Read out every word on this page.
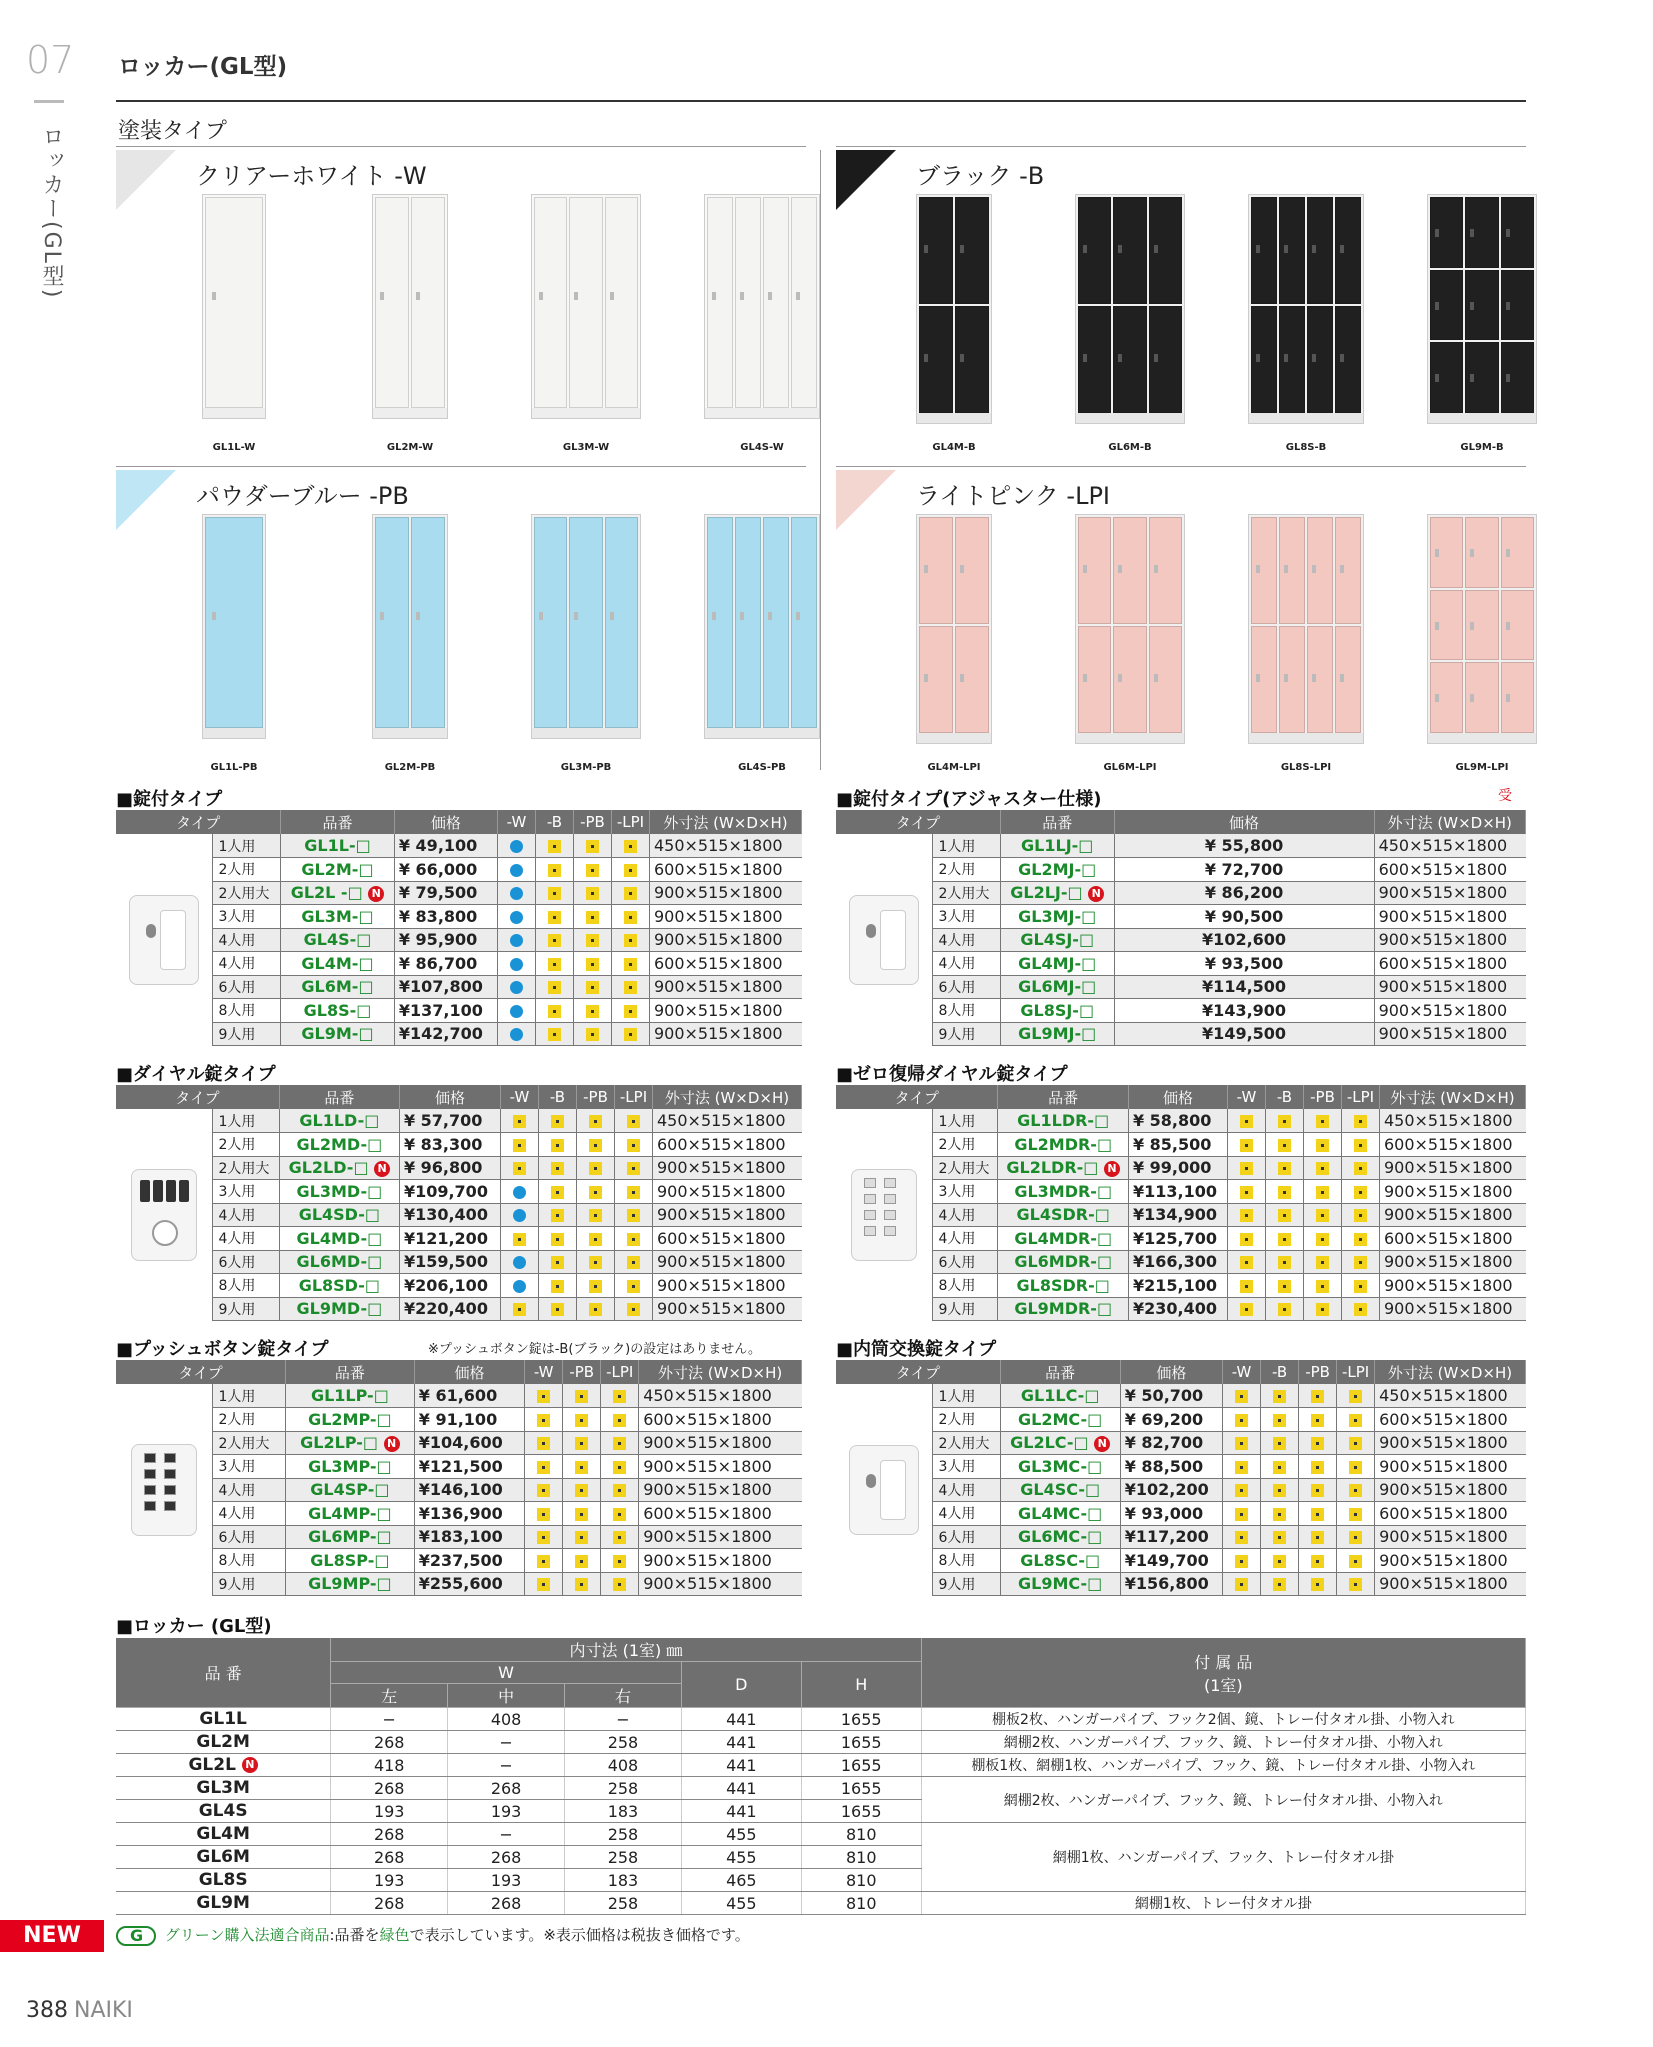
07
ロッカー(GL型)
ロッカー(GL型)
塗装タイプ
クリアーホワイト -W
GL1L-W	GL2M-W	GL3M-W	GL4S-W
ブラック -B
GL4M-B	GL6M-B	GL8S-B	GL9M-B
パウダーブルー -PB
GL1L-PB	GL2M-PB	GL3M-PB	GL4S-PB
ライトピンク -LPI
GL4M-LPI	GL6M-LPI	GL8S-LPI	GL9M-LPI
■錠付タイプ
タイプ		品番	価格	-W	-B	-PB	-LPI	外寸法 (W×D×H)

	1人用	GL1L-□	¥ 49,100					450×515×1800
	2人用	GL2M-□	¥ 66,000					600×515×1800
	2人用大	GL2L -□ N	¥ 79,500					900×515×1800
	3人用	GL3M-□	¥ 83,800					900×515×1800
	4人用	GL4S-□	¥ 95,900					900×515×1800
	4人用	GL4M-□	¥ 86,700					600×515×1800
	6人用	GL6M-□	¥107,800					900×515×1800
	8人用	GL8S-□	¥137,100					900×515×1800
	9人用	GL9M-□	¥142,700					900×515×1800
■錠付タイプ(アジャスター仕様)	受
タイプ		品番	価格	外寸法 (W×D×H)

	1人用	GL1LJ-□	¥ 55,800	450×515×1800
	2人用	GL2MJ-□	¥ 72,700	600×515×1800
	2人用大	GL2LJ-□ N	¥ 86,200	900×515×1800
	3人用	GL3MJ-□	¥ 90,500	900×515×1800
	4人用	GL4SJ-□	¥102,600	900×515×1800
	4人用	GL4MJ-□	¥ 93,500	600×515×1800
	6人用	GL6MJ-□	¥114,500	900×515×1800
	8人用	GL8SJ-□	¥143,900	900×515×1800
	9人用	GL9MJ-□	¥149,500	900×515×1800
■ダイヤル錠タイプ
タイプ		品番	価格	-W	-B	-PB	-LPI	外寸法 (W×D×H)

	1人用	GL1LD-□	¥ 57,700					450×515×1800
	2人用	GL2MD-□	¥ 83,300					600×515×1800
	2人用大	GL2LD-□ N	¥ 96,800					900×515×1800
	3人用	GL3MD-□	¥109,700					900×515×1800
	4人用	GL4SD-□	¥130,400					900×515×1800
	4人用	GL4MD-□	¥121,200					600×515×1800
	6人用	GL6MD-□	¥159,500					900×515×1800
	8人用	GL8SD-□	¥206,100					900×515×1800
	9人用	GL9MD-□	¥220,400					900×515×1800
■ゼロ復帰ダイヤル錠タイプ
タイプ		品番	価格	-W	-B	-PB	-LPI	外寸法 (W×D×H)

	1人用	GL1LDR-□	¥ 58,800					450×515×1800
	2人用	GL2MDR-□	¥ 85,500					600×515×1800
	2人用大	GL2LDR-□ N	¥ 99,000					900×515×1800
	3人用	GL3MDR-□	¥113,100					900×515×1800
	4人用	GL4SDR-□	¥134,900					900×515×1800
	4人用	GL4MDR-□	¥125,700					600×515×1800
	6人用	GL6MDR-□	¥166,300					900×515×1800
	8人用	GL8SDR-□	¥215,100					900×515×1800
	9人用	GL9MDR-□	¥230,400					900×515×1800
■プッシュボタン錠タイプ	※プッシュボタン錠は-B(ブラック)の設定はありません。
タイプ		品番	価格	-W	-PB	-LPI	外寸法 (W×D×H)

	1人用	GL1LP-□	¥ 61,600				450×515×1800
	2人用	GL2MP-□	¥ 91,100				600×515×1800
	2人用大	GL2LP-□ N	¥104,600				900×515×1800
	3人用	GL3MP-□	¥121,500				900×515×1800
	4人用	GL4SP-□	¥146,100				900×515×1800
	4人用	GL4MP-□	¥136,900				600×515×1800
	6人用	GL6MP-□	¥183,100				900×515×1800
	8人用	GL8SP-□	¥237,500				900×515×1800
	9人用	GL9MP-□	¥255,600				900×515×1800
■内筒交換錠タイプ
タイプ		品番	価格	-W	-B	-PB	-LPI	外寸法 (W×D×H)

	1人用	GL1LC-□	¥ 50,700					450×515×1800
	2人用	GL2MC-□	¥ 69,200					600×515×1800
	2人用大	GL2LC-□ N	¥ 82,700					900×515×1800
	3人用	GL3MC-□	¥ 88,500					900×515×1800
	4人用	GL4SC-□	¥102,200					900×515×1800
	4人用	GL4MC-□	¥ 93,000					600×515×1800
	6人用	GL6MC-□	¥117,200					900×515×1800
	8人用	GL8SC-□	¥149,700					900×515×1800
	9人用	GL9MC-□	¥156,800					900×515×1800
■ロッカー (GL型)
品 番	内寸法 (1室) ㎜					付 属 品
(1室)

	W			D	H	
	左	中	右			
GL1L	−	408	−	441	1655	棚板2枚、ハンガーパイプ、フック2個、鏡、トレー付タオル掛、小物入れ
GL2M	268	−	258	441	1655	網棚2枚、ハンガーパイプ、フック、鏡、トレー付タオル掛、小物入れ
GL2L N	418	−	408	441	1655	棚板1枚、網棚1枚、ハンガーパイプ、フック、鏡、トレー付タオル掛、小物入れ
GL3M	268	268	258	441	1655	網棚2枚、ハンガーパイプ、フック、鏡、トレー付タオル掛、小物入れ
GL4S	193	193	183	441	1655	
GL4M	268	−	258	455	810	網棚1枚、ハンガーパイプ、フック、トレー付タオル掛
GL6M	268	268	258	455	810	
GL8S	193	193	183	465	810	
GL9M	268	268	258	455	810	網棚1枚、トレー付タオル掛
NEW G	グリーン購入法適合商品:品番を緑色で表示しています。※表示価格は税抜き価格です。
388 NAIKI
